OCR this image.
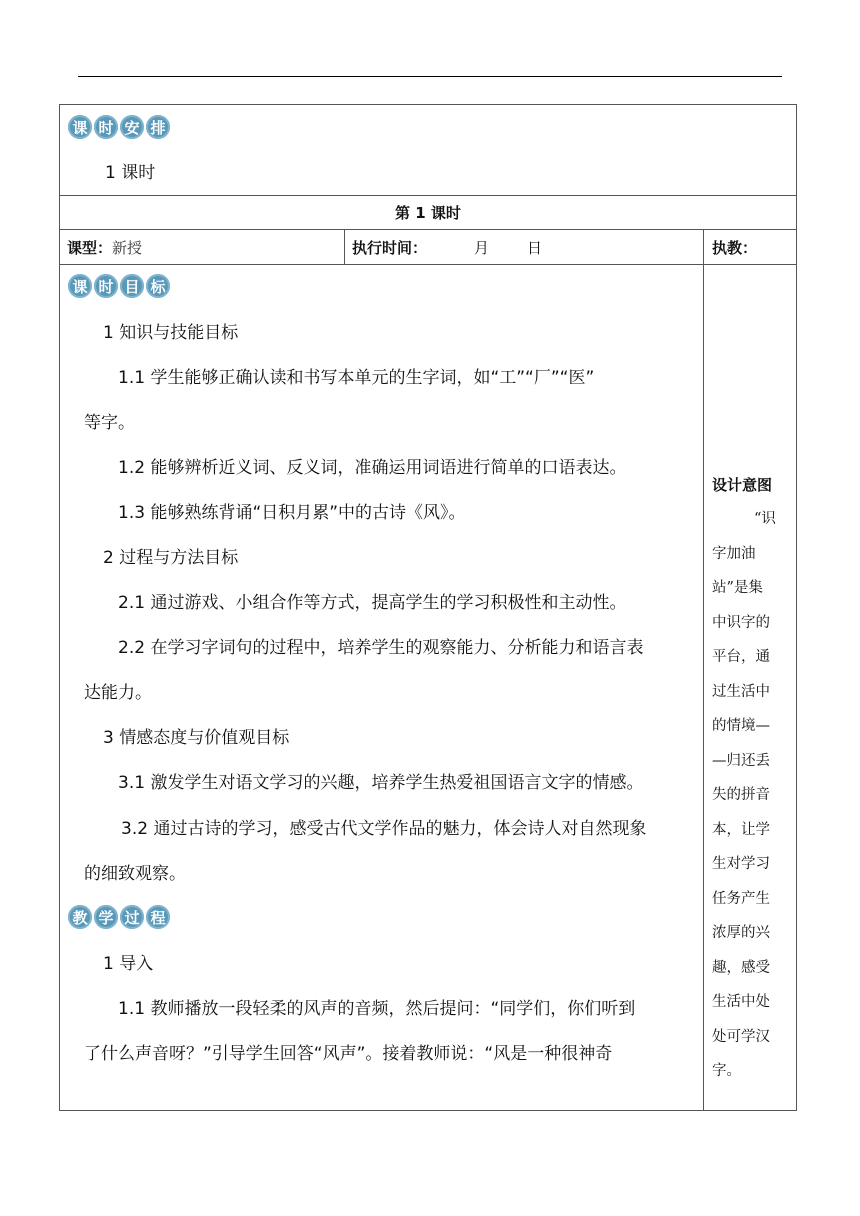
课 时 安 排
1 课时
第 1 课时
课型：新授	执行时间：	月	日	执教：
课 时 目 标
1 知识与技能目标
1.1 学生能够正确认读和书写本单元的生字词，如“工”“厂”“医”
等字。
1.2 能够辨析近义词、反义词，准确运用词语进行简单的口语表达。
1.3 能够熟练背诵“日积月累”中的古诗《风》。
2 过程与方法目标
2.1 通过游戏、小组合作等方式，提高学生的学习积极性和主动性。
2.2 在学习字词句的过程中，培养学生的观察能力、分析能力和语言表
达能力。
3 情感态度与价值观目标
3.1 激发学生对语文学习的兴趣，培养学生热爱祖国语言文字的情感。
3.2 通过古诗的学习，感受古代文学作品的魅力，体会诗人对自然现象
的细致观察。
教 学 过 程
1 导入
1.1 教师播放一段轻柔的风声的音频，然后提问：“同学们，你们听到
了什么声音呀？”引导学生回答“风声”。接着教师说：“风是一种很神奇
设计意图
“识
字加油
站”是集
中识字的
平台，通
过生活中
的情境—
—归还丢
失的拼音
本，让学
生对学习
任务产生
浓厚的兴
趣，感受
生活中处
处可学汉
字。
